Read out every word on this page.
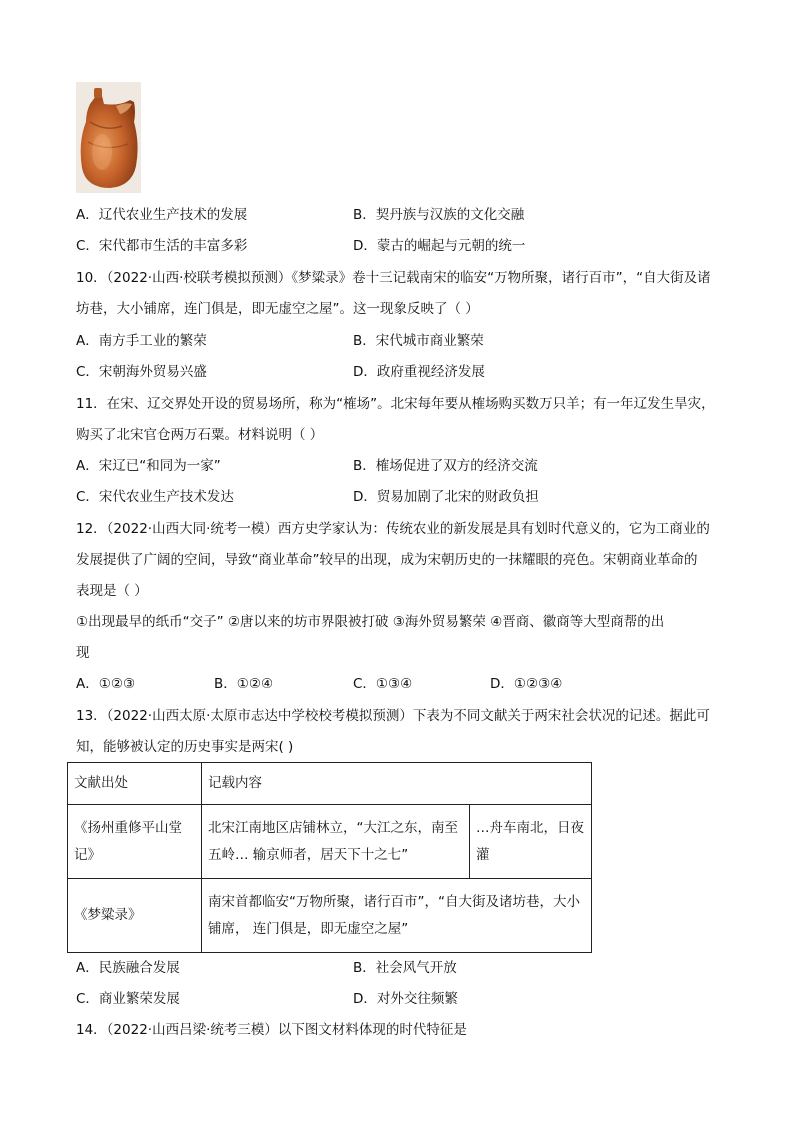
A．辽代农业生产技术的发展	B．契丹族与汉族的文化交融
C．宋代都市生活的丰富多彩	D．蒙古的崛起与元朝的统一
10．（2022·山西·校联考模拟预测）《梦粱录》卷十三记载南宋的临安“万物所聚，诸行百市”，“自大街及诸
坊巷，大小铺席，连门俱是，即无虚空之屋”。这一现象反映了（ ）
A．南方手工业的繁荣	B．宋代城市商业繁荣
C．宋朝海外贸易兴盛	D．政府重视经济发展
11．在宋、辽交界处开设的贸易场所，称为“榷场”。北宋每年要从榷场购买数万只羊；有一年辽发生旱灾，
购买了北宋官仓两万石粟。材料说明（ ）
A．宋辽已“和同为一家”	B．榷场促进了双方的经济交流
C．宋代农业生产技术发达	D．贸易加剧了北宋的财政负担
12．（2022·山西大同·统考一模）西方史学家认为：传统农业的新发展是具有划时代意义的，它为工商业的
发展提供了广阔的空间，导致“商业革命”较早的出现，成为宋朝历史的一抹耀眼的亮色。宋朝商业革命的
表现是（ ）
①出现最早的纸币“交子” ②唐以来的坊市界限被打破 ③海外贸易繁荣 ④晋商、徽商等大型商帮的出
现
A．①②③	B．①②④	C．①③④	D．①②③④
13．（2022·山西太原·太原市志达中学校校考模拟预测）下表为不同文献关于两宋社会状况的记述。据此可
知，能够被认定的历史事实是两宋( )
文献出处	记载内容	
《扬州重修平山堂记》	北宋江南地区店铺林立，“大江之东，南至五岭… 输京师者，居天下十之七”	…舟车南北，日夜灌
《梦粱录》	南宋首都临安“万物所聚，诸行百市”，“自大街及诸坊巷，大小铺席， 连门俱是，即无虚空之屋”	
A．民族融合发展	B．社会风气开放
C．商业繁荣发展	D．对外交往频繁
14．（2022·山西吕梁·统考三模）以下图文材料体现的时代特征是
